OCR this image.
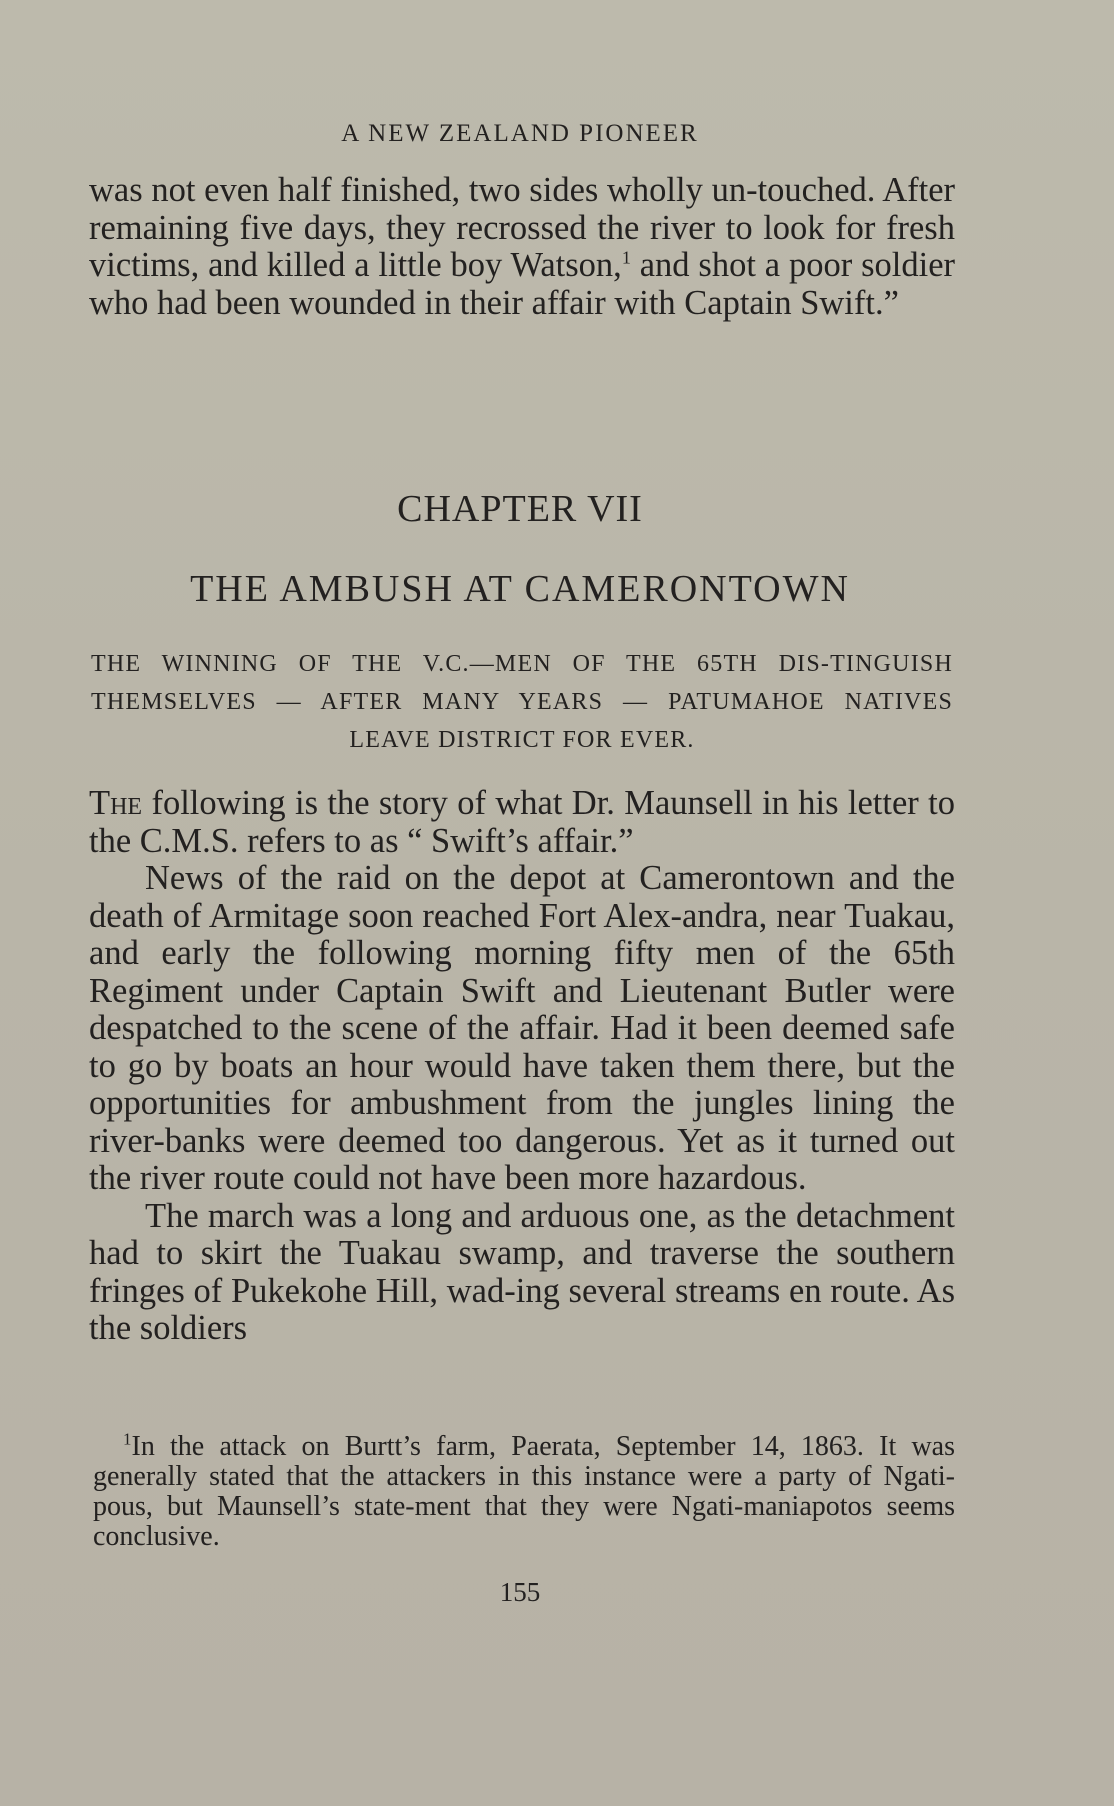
A NEW ZEALAND PIONEER

was not even half finished, two sides wholly un-touched. After remaining five days, they recrossed the river to look for fresh victims, and killed a little boy Watson,$^1$ and shot a poor soldier who had been wounded in their affair with Captain Swift.”

CHAPTER VII
THE AMBUSH AT CAMERONTOWN

THE WINNING OF THE V.C.—MEN OF THE 65TH DIS-TINGUISH THEMSELVES — AFTER MANY YEARS — PATUMAHOE NATIVES LEAVE DISTRICT FOR EVER.

The following is the story of what Dr. Maunsell in his letter to the C.M.S. refers to as “ Swift’s affair.”

News of the raid on the depot at Camerontown and the death of Armitage soon reached Fort Alex-andra, near Tuakau, and early the following morning fifty men of the 65th Regiment under Captain Swift and Lieutenant Butler were despatched to the scene of the affair. Had it been deemed safe to go by boats an hour would have taken them there, but the opportunities for ambushment from the jungles lining the river-banks were deemed too dangerous. Yet as it turned out the river route could not have been more hazardous.

The march was a long and arduous one, as the detachment had to skirt the Tuakau swamp, and traverse the southern fringes of Pukekohe Hill, wad-ing several streams en route. As the soldiers

$^1$In the attack on Burtt’s farm, Paerata, September 14, 1863. It was generally stated that the attackers in this instance were a party of Ngati-pous, but Maunsell’s state-ment that they were Ngati-maniapotos seems conclusive.

155
